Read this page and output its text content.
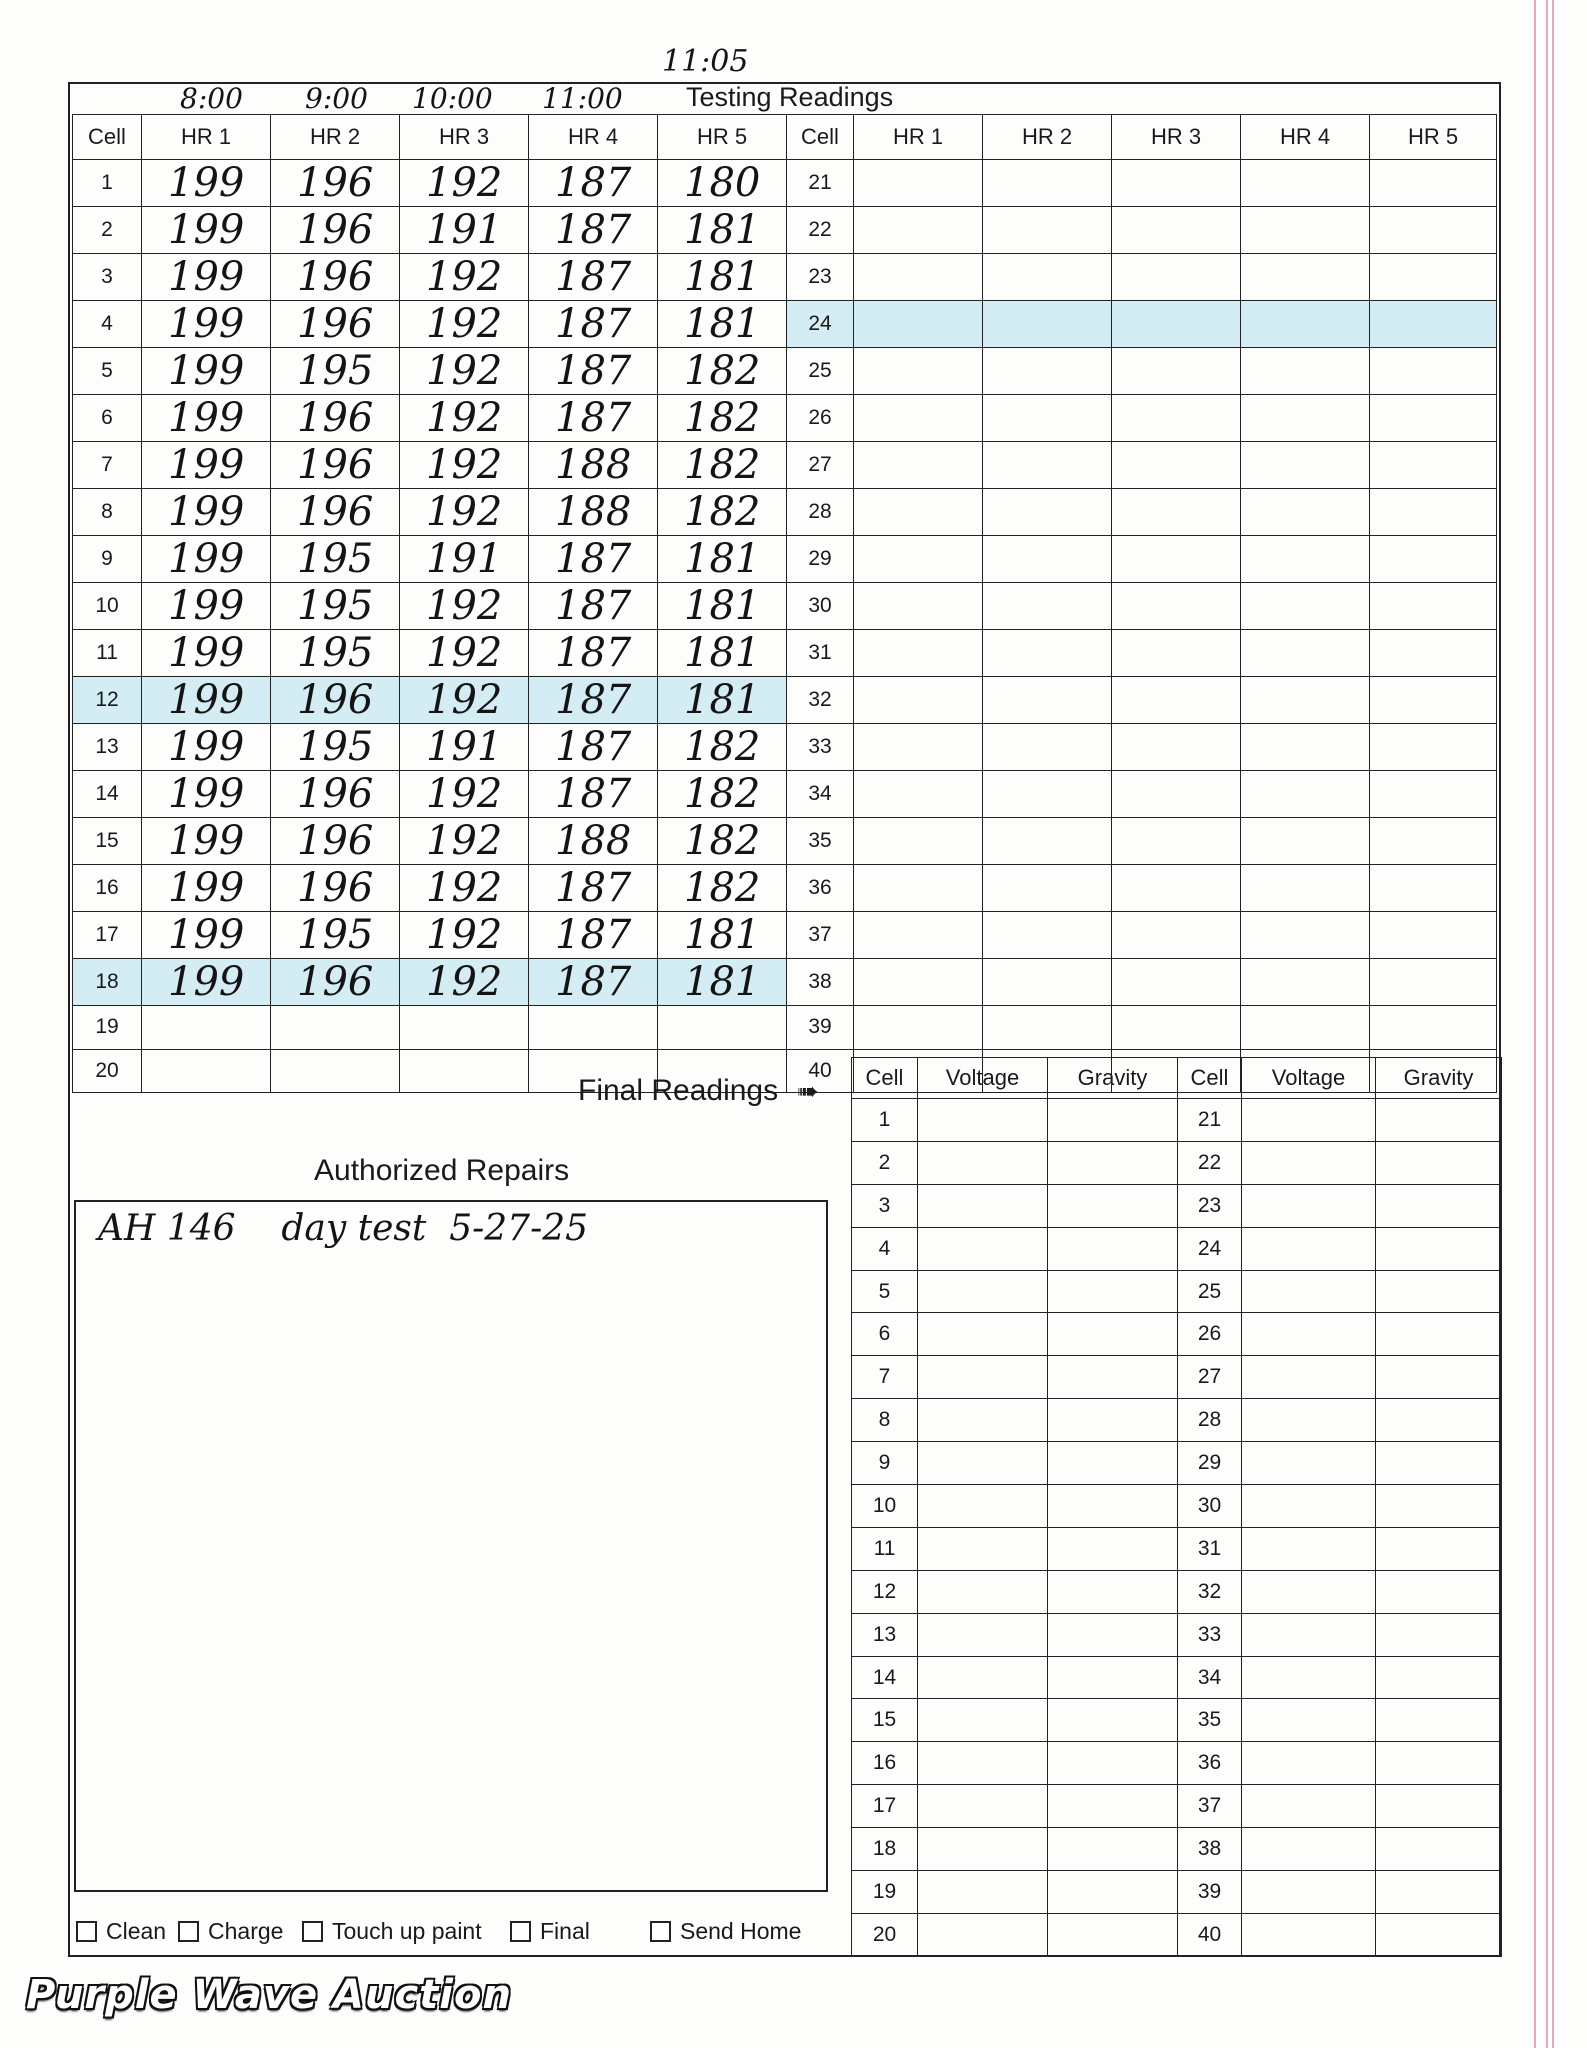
11:05
8:00 9:00 10:00 11:00 Testing Readings
Cell	HR 1	HR 2	HR 3	HR 4	HR 5	Cell	HR 1	HR 2	HR 3	HR 4	HR 5
1	199	196	192	187	180	21					
2	199	196	191	187	181	22					
3	199	196	192	187	181	23					
4	199	196	192	187	181	24					
5	199	195	192	187	182	25					
6	199	196	192	187	182	26					
7	199	196	192	188	182	27					
8	199	196	192	188	182	28					
9	199	195	191	187	181	29					
10	199	195	192	187	181	30					
11	199	195	192	187	181	31					
12	199	196	192	187	181	32					
13	199	195	191	187	182	33					
14	199	196	192	187	182	34					
15	199	196	192	188	182	35					
16	199	196	192	187	182	36					
17	199	195	192	187	181	37					
18	199	196	192	187	181	38					
19						39					
20						40					
Final Readings ➠ Cell	Voltage	Gravity	Cell	Voltage	Gravity
1			21		
2			22		
3			23		
4			24		
5			25		
6			26		
7			27		
8			28		
9			29		
10			30		
11			31		
12			32		
13			33		
14			34		
15			35		
16			36		
17			37		
18			38		
19			39		
20			40		
Authorized Repairs
AH 146    day test  5-27-25
Clean Charge Touch up paint	Final	Send Home
Purple Wave Auction
